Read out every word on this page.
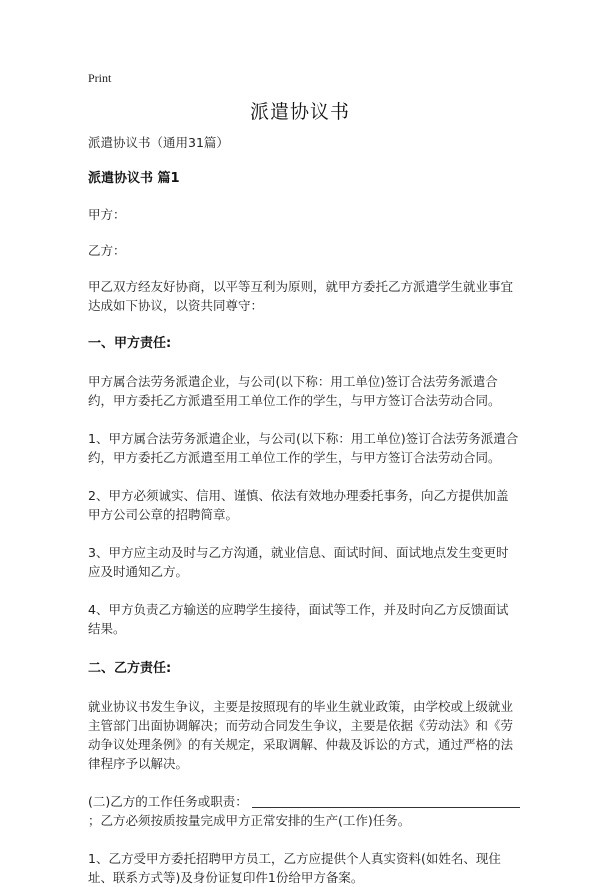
Print
派遣协议书

派遣协议书（通用31篇）

派遣协议书 篇1

甲方：

乙方：

甲乙双方经友好协商，以平等互利为原则，就甲方委托乙方派遣学生就业事宜达成如下协议，以资共同尊守：

一、甲方责任:

甲方属合法劳务派遣企业，与公司(以下称：用工单位)签订合法劳务派遣合约，甲方委托乙方派遣至用工单位工作的学生，与甲方签订合法劳动合同。

1、甲方属合法劳务派遣企业，与公司(以下称：用工单位)签订合法劳务派遣合约，甲方委托乙方派遣至用工单位工作的学生，与甲方签订合法劳动合同。

2、甲方必须诚实、信用、谨慎、依法有效地办理委托事务，向乙方提供加盖甲方公司公章的招聘简章。

3、甲方应主动及时与乙方沟通，就业信息、面试时间、面试地点发生变更时应及时通知乙方。

4、甲方负责乙方输送的应聘学生接待，面试等工作，并及时向乙方反馈面试结果。

二、乙方责任:

就业协议书发生争议，主要是按照现有的毕业生就业政策，由学校或上级就业主管部门出面协调解决；而劳动合同发生争议，主要是依据《劳动法》和《劳动争议处理条例》的有关规定，采取调解、仲裁及诉讼的方式，通过严格的法律程序予以解决。

(二)乙方的工作任务或职责：

；乙方必须按质按量完成甲方正常安排的生产(工作)任务。

1、乙方受甲方委托招聘甲方员工，乙方应提供个人真实资料(如姓名、现住址、联系方式等)及身份证复印件1份给甲方备案。
